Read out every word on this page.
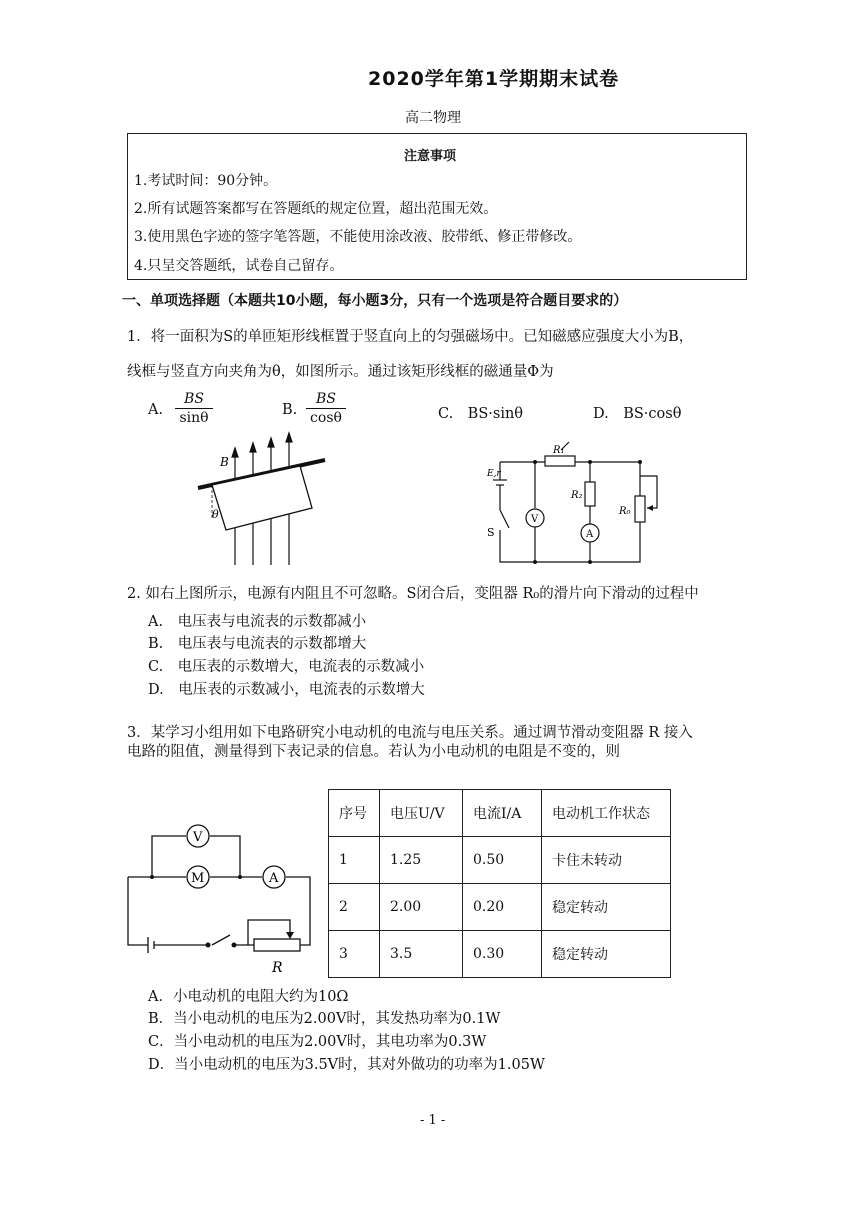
2020学年第1学期期末试卷
高二物理
注意事项
1.考试时间：90分钟。
2.所有试题答案都写在答题纸的规定位置，超出范围无效。
3.使用黑色字迹的签字笔答题，不能使用涂改液、胶带纸、修正带修改。
4.只呈交答题纸，试卷自己留存。
一、单项选择题（本题共10小题，每小题3分，只有一个选项是符合题目要求的）
1．将一面积为S的单匝矩形线框置于竖直向上的匀强磁场中。已知磁感应强度大小为B，
线框与竖直方向夹角为θ，如图所示。通过该矩形线框的磁通量Φ为
A.
BS
sinθ	B.
BS
cosθ	C.　BS·sinθ	D.　BS·cosθ
B
θ
R₁
R₂
R₀
E,r
V
A
S
2. 如右上图所示，电源有内阻且不可忽略。S闭合后，变阻器 R₀的滑片向下滑动的过程中
A.　电压表与电流表的示数都减小
B.　电压表与电流表的示数都增大
C.　电压表的示数增大，电流表的示数减小
D.　电压表的示数减小，电流表的示数增大
3．某学习小组用如下电路研究小电动机的电流与电压关系。通过调节滑动变阻器 R 接入
电路的阻值，测量得到下表记录的信息。若认为小电动机的电阻是不变的，则
V
M	A
R
序号	电压U/V	电流I/A	电动机工作状态
1	1.25	0.50	卡住未转动
2	2.00	0.20	稳定转动
3	3.5	0.30	稳定转动
A．小电动机的电阻大约为10Ω
B．当小电动机的电压为2.00V时，其发热功率为0.1W
C．当小电动机的电压为2.00V时，其电功率为0.3W
D．当小电动机的电压为3.5V时，其对外做功的功率为1.05W
- 1 -
